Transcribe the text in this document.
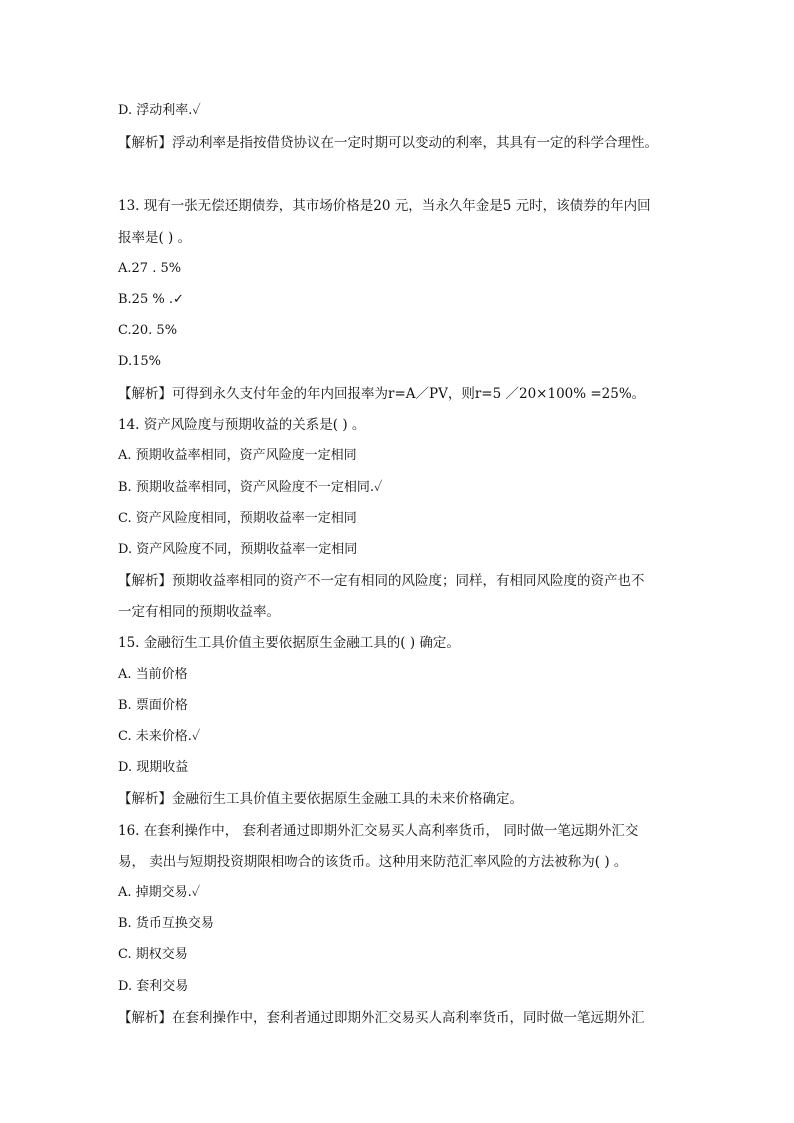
D. 浮动利率.✓
【解析】浮动利率是指按借贷协议在一定时期可以变动的利率，其具有一定的科学合理性。
13. 现有一张无偿还期债券，其市场价格是20 元，当永久年金是5 元时，该债券的年内回
报率是( ) 。
A.27 . 5%
B.25 % .✓
C.20. 5%
D.15%
【解析】可得到永久支付年金的年内回报率为r=A／PV，则r=5 ／20×100% =25%。
14. 资产风险度与预期收益的关系是( ) 。
A. 预期收益率相同，资产风险度一定相同
B. 预期收益率相同，资产风险度不一定相同.✓
C. 资产风险度相同，预期收益率一定相同
D. 资产风险度不同，预期收益率一定相同
【解析】预期收益率相同的资产不一定有相同的风险度；同样，有相同风险度的资产也不
一定有相同的预期收益率。
15. 金融衍生工具价值主要依据原生金融工具的( ) 确定。
A. 当前价格
B. 票面价格
C. 未来价格.✓
D. 现期收益
【解析】金融衍生工具价值主要依据原生金融工具的未来价格确定。
16. 在套利操作中， 套利者通过即期外汇交易买人高利率货币， 同时做一笔远期外汇交
易， 卖出与短期投资期限相吻合的该货币。这种用来防范汇率风险的方法被称为( ) 。
A. 掉期交易.✓
B. 货币互换交易
C. 期权交易
D. 套利交易
【解析】在套利操作中，套利者通过即期外汇交易买人高利率货币，同时做一笔远期外汇
